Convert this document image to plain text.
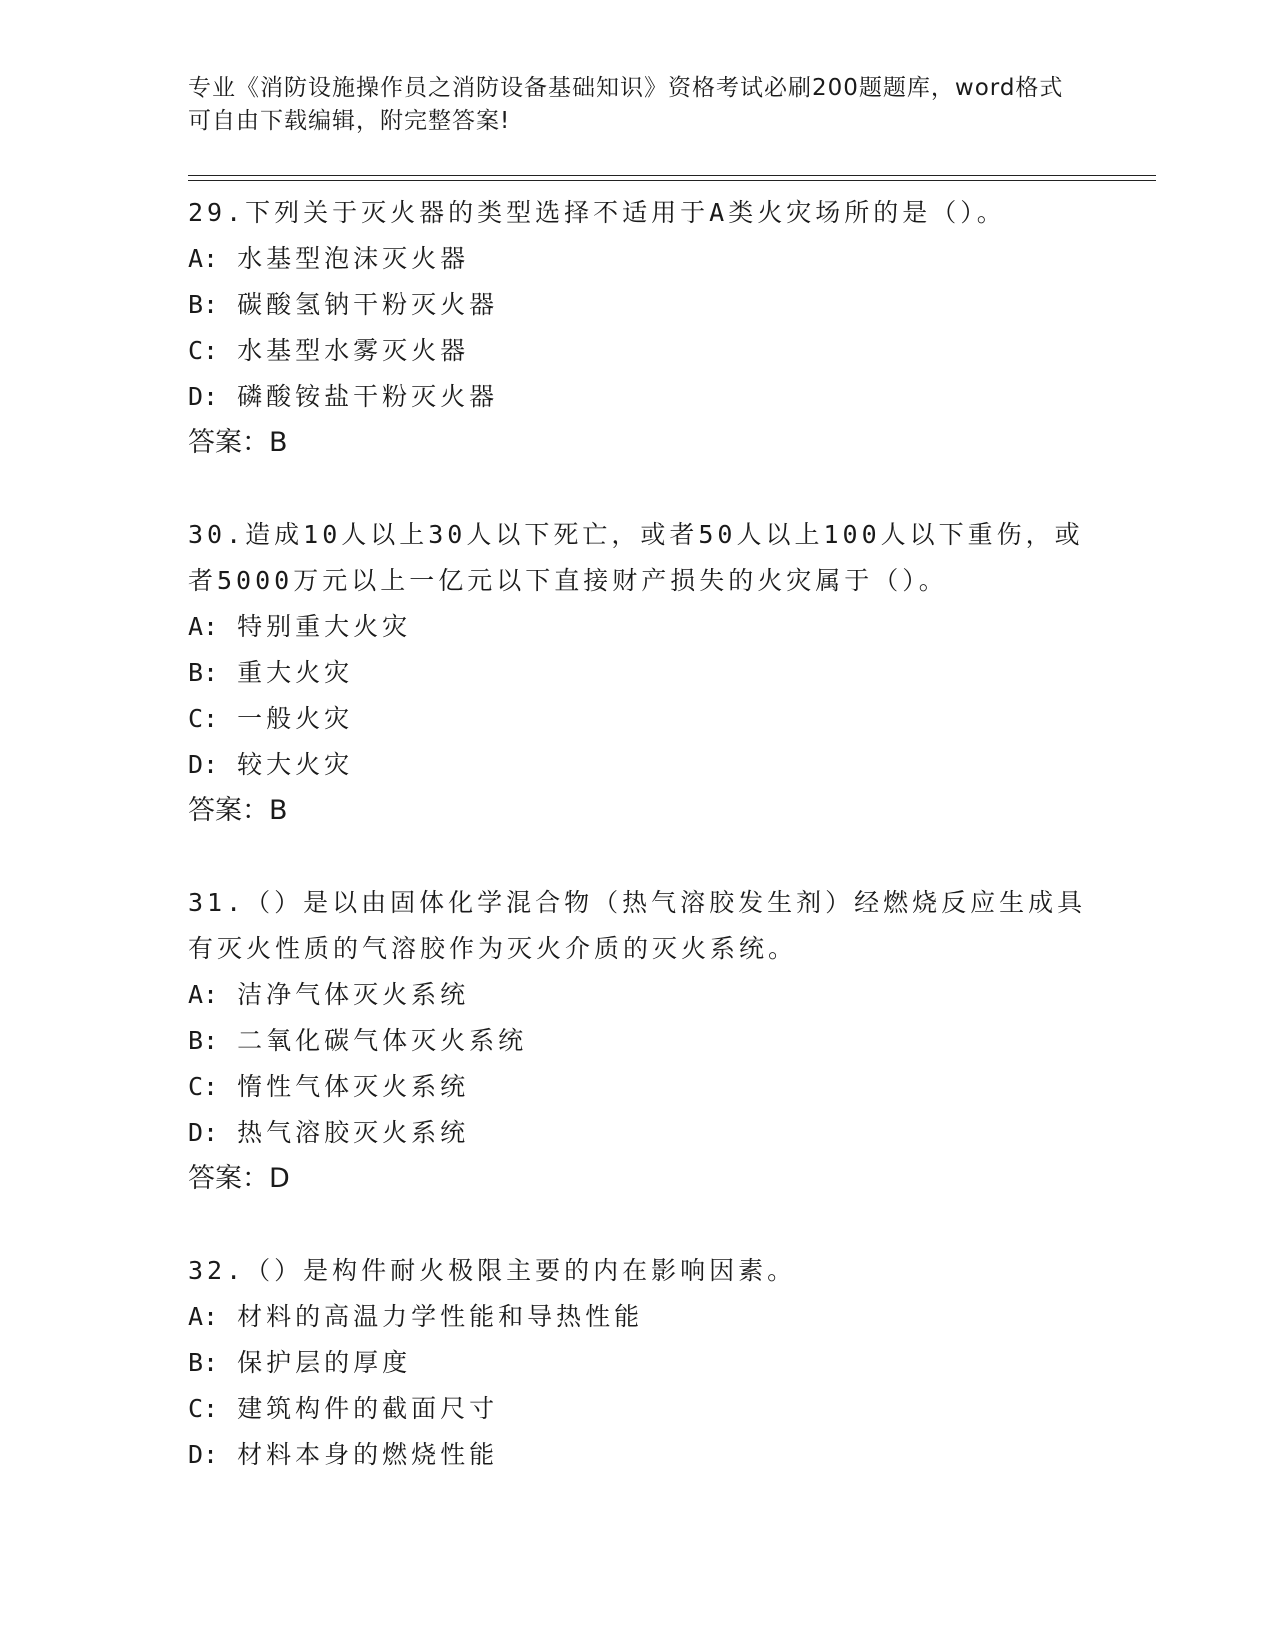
专业《消防设施操作员之消防设备基础知识》资格考试必刷200题题库，word格式可自由下载编辑，附完整答案!

29.下列关于灭火器的类型选择不适用于A类火灾场所的是（）。

A: 水基型泡沫灭火器

B: 碳酸氢钠干粉灭火器

C: 水基型水雾灭火器

D: 磷酸铵盐干粉灭火器

答案：B

30.造成10人以上30人以下死亡，或者50人以上100人以下重伤，或者5000万元以上一亿元以下直接财产损失的火灾属于（）。

A: 特别重大火灾

B: 重大火灾

C: 一般火灾

D: 较大火灾

答案：B

31.（）是以由固体化学混合物（热气溶胶发生剂）经燃烧反应生成具有灭火性质的气溶胶作为灭火介质的灭火系统。

A: 洁净气体灭火系统

B: 二氧化碳气体灭火系统

C: 惰性气体灭火系统

D: 热气溶胶灭火系统

答案：D

32.（）是构件耐火极限主要的内在影响因素。

A: 材料的高温力学性能和导热性能

B: 保护层的厚度

C: 建筑构件的截面尺寸

D: 材料本身的燃烧性能
